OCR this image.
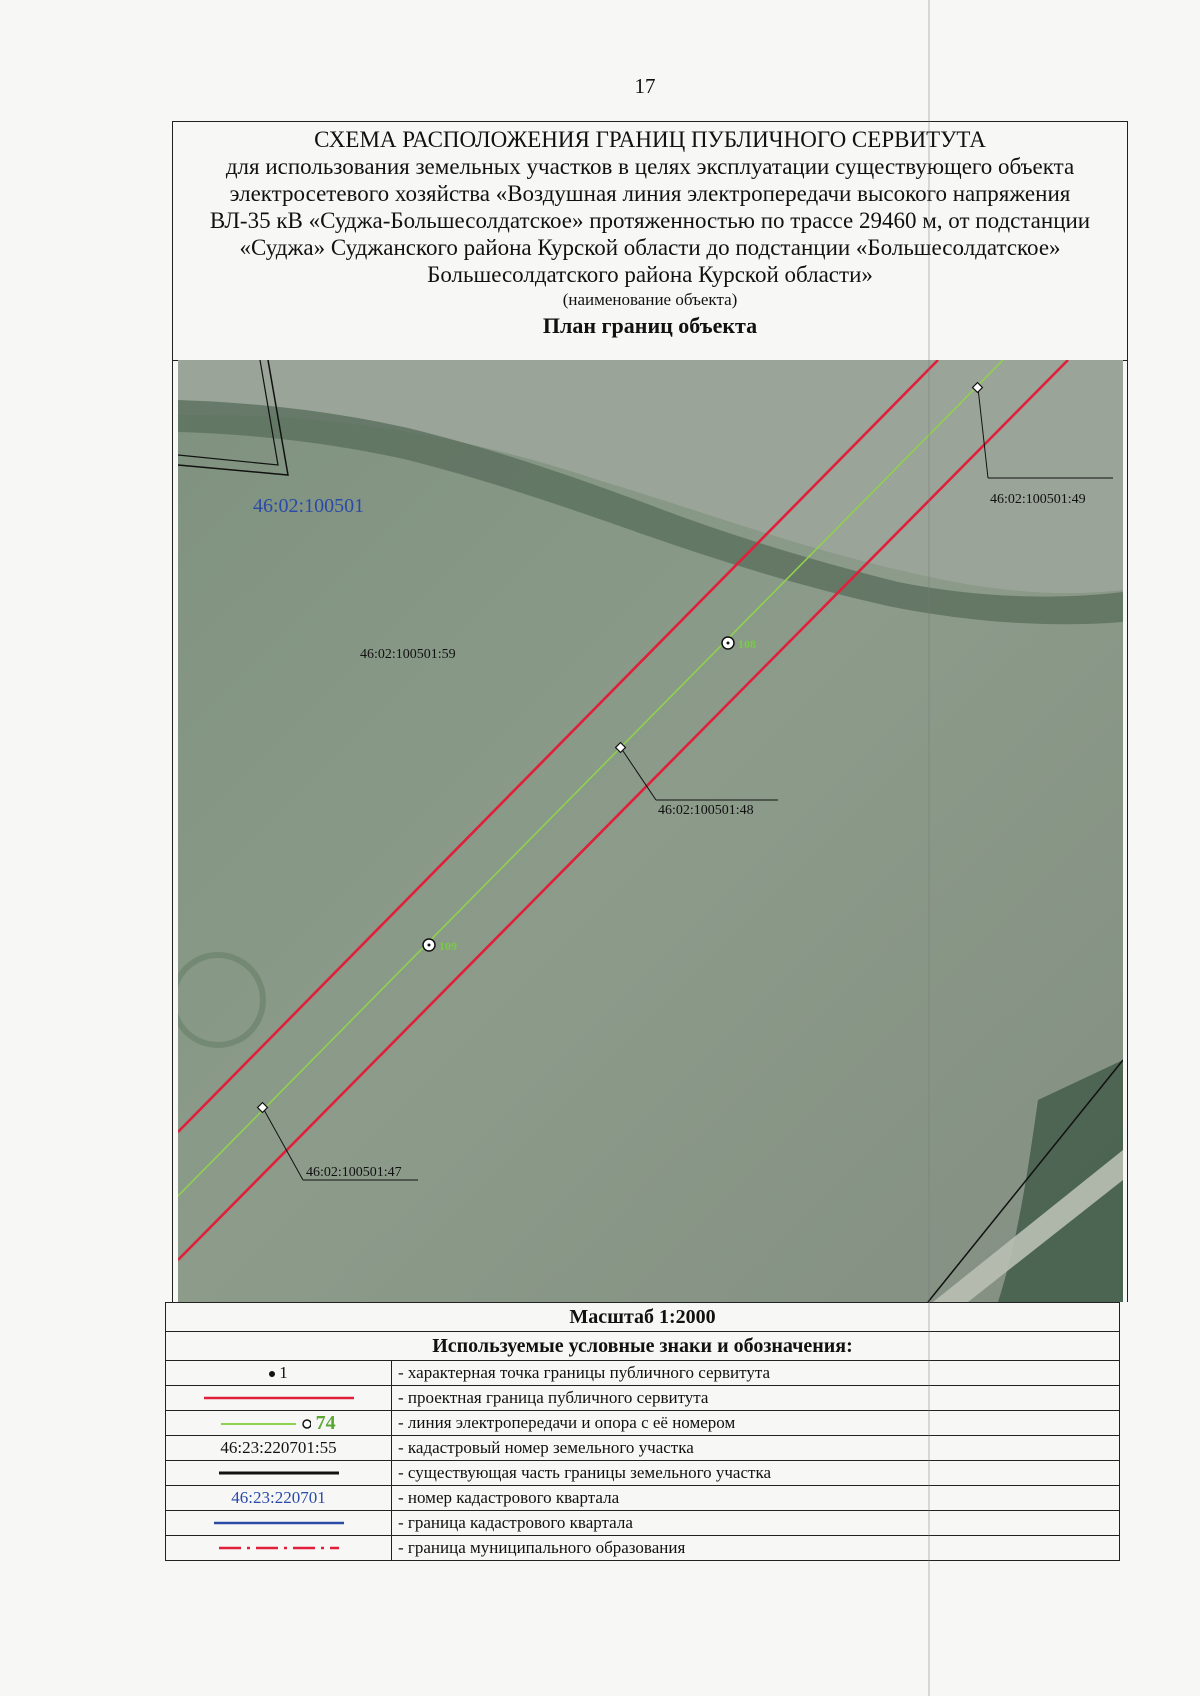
17
СХЕМА РАСПОЛОЖЕНИЯ ГРАНИЦ ПУБЛИЧНОГО СЕРВИТУТА
для использования земельных участков в целях эксплуатации существующего объекта
электросетевого хозяйства «Воздушная линия электропередачи высокого напряжения
ВЛ-35 кВ «Суджа-Большесолдатское» протяженностью по трассе 29460 м, от подстанции
«Суджа» Суджанского района Курской области до подстанции «Большесолдатское»
Большесолдатского района Курской области»
(наименование объекта)
План границ объекта
46:02:100501	46:02:100501:49
46:02:100501:59
46:02:100501:48
46:02:100501:47
108
109
Масштаб 1:2000	
Используемые условные знаки и обозначения:	
1	- характерная точка границы публичного сервитута
	- проектная граница публичного сервитута
74	- линия электропередачи и опора с её номером
46:23:220701:55	- кадастровый номер земельного участка
	- существующая часть границы земельного участка
46:23:220701	- номер кадастрового квартала
	- граница кадастрового квартала
	- граница муниципального образования
